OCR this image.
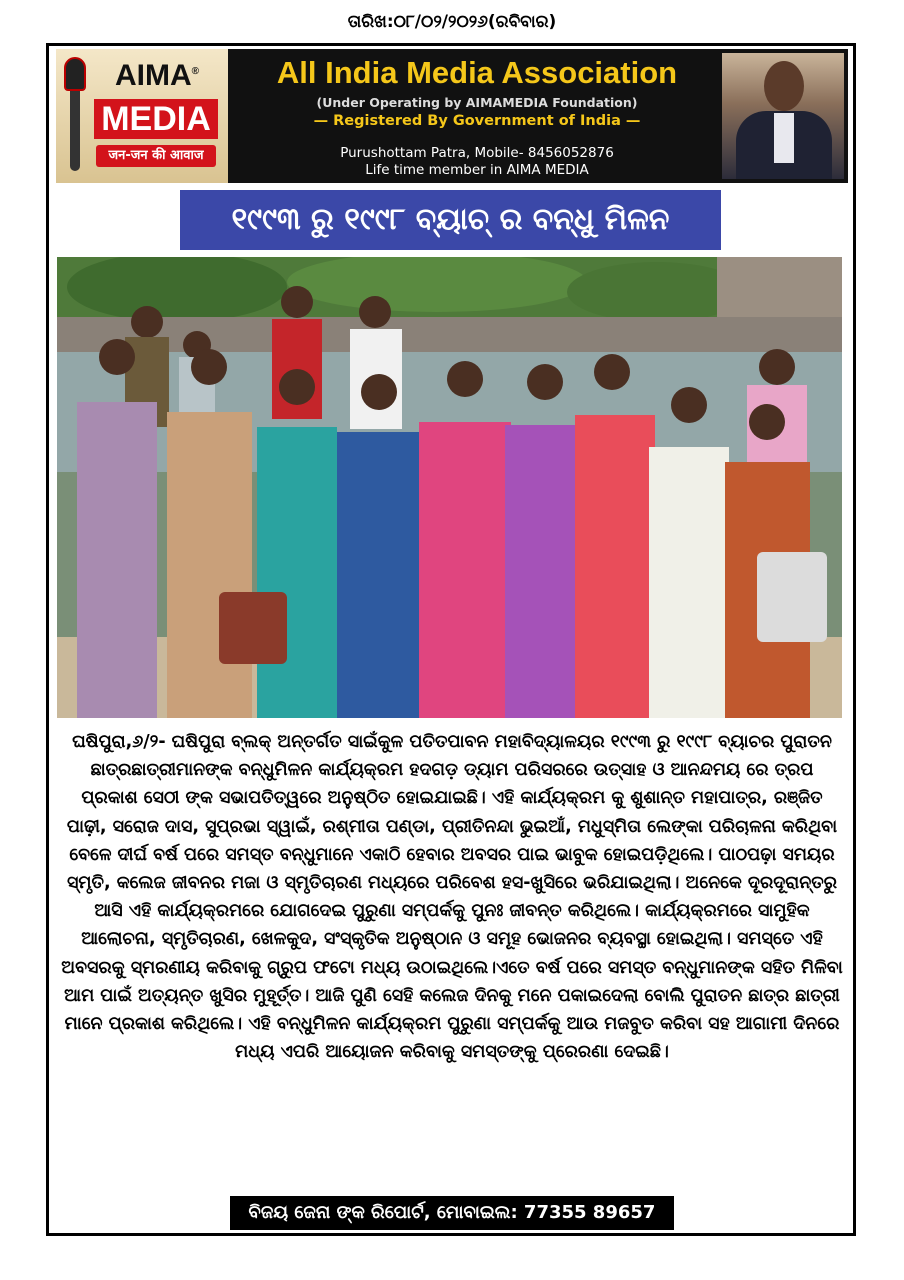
ତାରିଖ:୦୮/୦୨/୨୦୨୬(ରବିବାର)
AIMA®
MEDIA
जन-जन की आवाज
All India Media Association
(Under Operating by AIMAMEDIA Foundation)
— Registered By Government of India —
Purushottam Patra, Mobile- 8456052876
Life time member in AIMA MEDIA
୧୯୯୩ ରୁ ୧୯୯୮ ବ୍ୟାଚ୍ ର ବନ୍ଧୁ ମିଳନ

ଘଷିପୁରା,୬/୨- ଘଷିପୁରା ବ୍ଲକ୍ ଅନ୍ତର୍ଗତ ସାଇଁକୁଳ ପତିତପାବନ ମହାବିଦ୍ୟାଳୟର ୧୯୯୩ ରୁ ୧୯୯୮ ବ୍ୟାଚର ପୁରାତନ ଛାତ୍ରଛାତ୍ରୀମାନଙ୍କ ବନ୍ଧୁମିଳନ କାର୍ଯ୍ୟକ୍ରମ ହଦଗଡ଼ ଡ୍ୟାମ ପରିସରରେ ଉତ୍ସାହ ଓ ଆନନ୍ଦମୟ ରେ ତ୍ରପ ପ୍ରକାଶ ସେଠୀ ଙ୍କ ସଭାପତିତ୍ୱରେ ଅନୁଷ୍ଠିତ ହୋଇଯାଇଛି। ଏହି କାର୍ଯ୍ୟକ୍ରମ କୁ ଶୁଶାନ୍ତ ମହାପାତ୍ର, ରଞ୍ଜିତ ପାଢ଼ୀ, ସରୋଜ ଦାସ, ସୁପ୍ରଭା ସ୍ୱାଇଁ, ରଶ୍ମୀତା ପଣ୍ଡା, ପ୍ରୀତିନନ୍ଦା ଭୁଇଆଁ, ମଧୁସ୍ମିତା ଲେଙ୍କା ପରିଚାଳନା କରିଥିବା ବେଳେ ଦୀର୍ଘ ବର୍ଷ ପରେ ସମସ୍ତ ବନ୍ଧୁମାନେ ଏକାଠି ହେବାର ଅବସର ପାଇ ଭାବୁକ ହୋଇପଡ଼ିଥିଲେ। ପାଠପଢ଼ା ସମୟର ସ୍ମୃତି, କଲେଜ ଜୀବନର ମଜା ଓ ସ୍ମୃତିଚାରଣ ମଧ୍ୟରେ ପରିବେଶ ହସ-ଖୁସିରେ ଭରିଯାଇଥିଲା। ଅନେକେ ଦୂରଦୂରାନ୍ତରୁ ଆସି ଏହି କାର୍ଯ୍ୟକ୍ରମରେ ଯୋଗଦେଇ ପୁରୁଣା ସମ୍ପର୍କକୁ ପୁନଃ ଜୀବନ୍ତ କରିଥିଲେ। କାର୍ଯ୍ୟକ୍ରମରେ ସାମୁହିକ ଆଲୋଚନା, ସ୍ମୃତିଚାରଣ, ଖେଳକୁଦ, ସଂସ୍କୃତିକ ଅନୁଷ୍ଠାନ ଓ ସମୂହ ଭୋଜନର ବ୍ୟବସ୍ଥା ହୋଇଥିଲା। ସମସ୍ତେ ଏହି ଅବସରକୁ ସ୍ମରଣୀୟ କରିବାକୁ ଗ୍ରୁପ ଫଟୋ ମଧ୍ୟ ଉଠାଇଥିଲେ।ଏତେ ବର୍ଷ ପରେ ସମସ୍ତ ବନ୍ଧୁମାନଙ୍କ ସହିତ ମିଳିବା ଆମ ପାଇଁ ଅତ୍ୟନ୍ତ ଖୁସିର ମୁହୂର୍ତ୍ତ। ଆଜି ପୁଣି ସେହି କଲେଜ ଦିନକୁ ମନେ ପକାଇଦେଲା ବୋଲି ପୁରାତନ ଛାତ୍ର ଛାତ୍ରୀ ମାନେ ପ୍ରକାଶ କରିଥିଲେ। ଏହି ବନ୍ଧୁମିଳନ କାର୍ଯ୍ୟକ୍ରମ ପୁରୁଣା ସମ୍ପର୍କକୁ ଆଉ ମଜବୁତ କରିବା ସହ ଆଗାମୀ ଦିନରେ ମଧ୍ୟ ଏପରି ଆୟୋଜନ କରିବାକୁ ସମସ୍ତଙ୍କୁ ପ୍ରେରଣା ଦେଇଛି।

ବିଜୟ ଜେନା ଙ୍କ ରିପୋର୍ଟ, ମୋବାଇଲ: 77355 89657
